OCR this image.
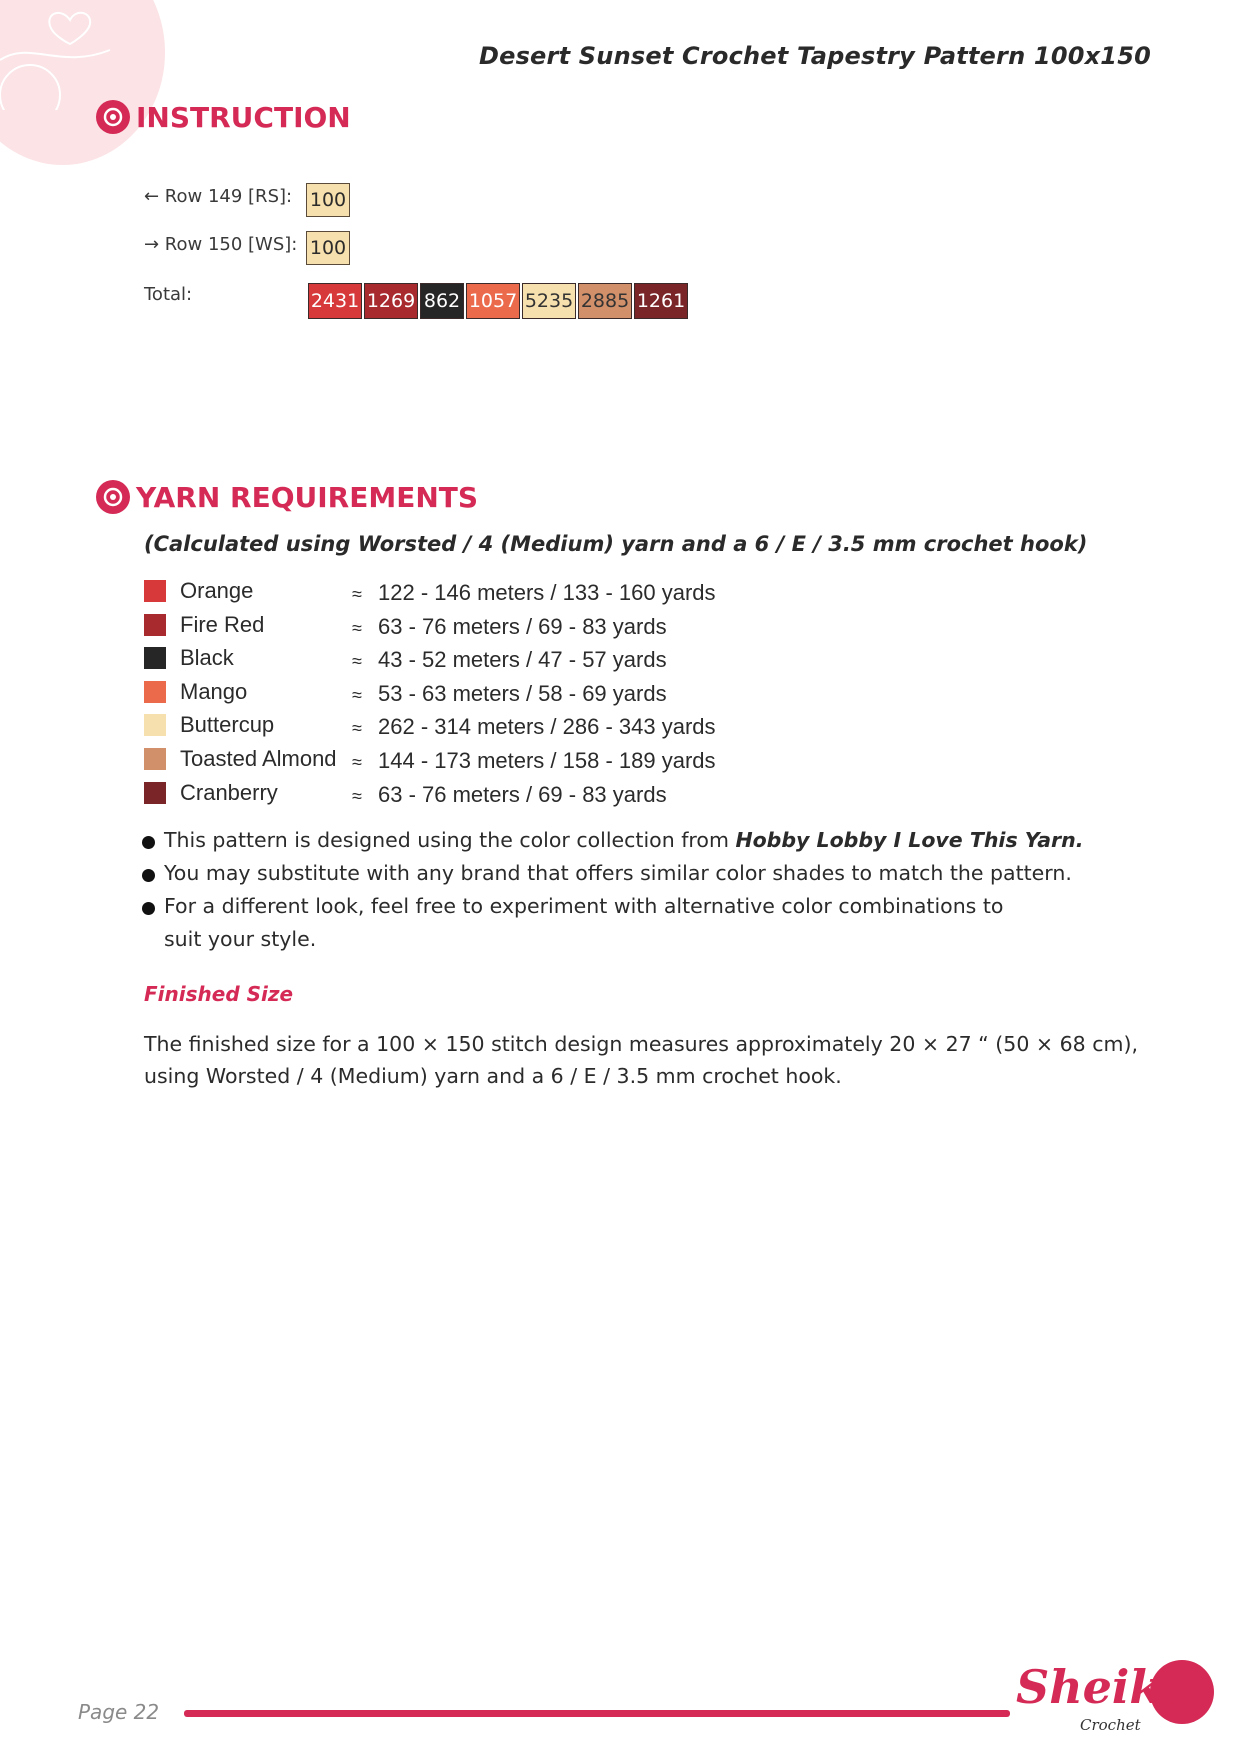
Desert Sunset Crochet Tapestry Pattern 100x150
INSTRUCTION
← Row 149 [RS]: 100
→ Row 150 [WS]: 100
Total:	2431 1269 862 1057 5235 2885 1261
YARN REQUIREMENTS
(Calculated using Worsted / 4 (Medium) yarn and a 6 / E / 3.5 mm crochet hook)
Orange	≈ 122 - 146 meters / 133 - 160 yards
Fire Red	≈ 63 - 76 meters / 69 - 83 yards
Black	≈ 43 - 52 meters / 47 - 57 yards
Mango	≈ 53 - 63 meters / 58 - 69 yards
Buttercup	≈ 262 - 314 meters / 286 - 343 yards
Toasted Almond ≈ 144 - 173 meters / 158 - 189 yards
Cranberry	≈ 63 - 76 meters / 69 - 83 yards
This pattern is designed using the color collection from Hobby Lobby I Love This Yarn.
You may substitute with any brand that offers similar color shades to match the pattern.
For a different look, feel free to experiment with alternative color combinations to suit your style.
Finished Size
The finished size for a 100 × 150 stitch design measures approximately 20 × 27 “ (50 × 68 cm), using Worsted / 4 (Medium) yarn and a 6 / E / 3.5 mm crochet hook.
Page 22	Sheika
Crochet
